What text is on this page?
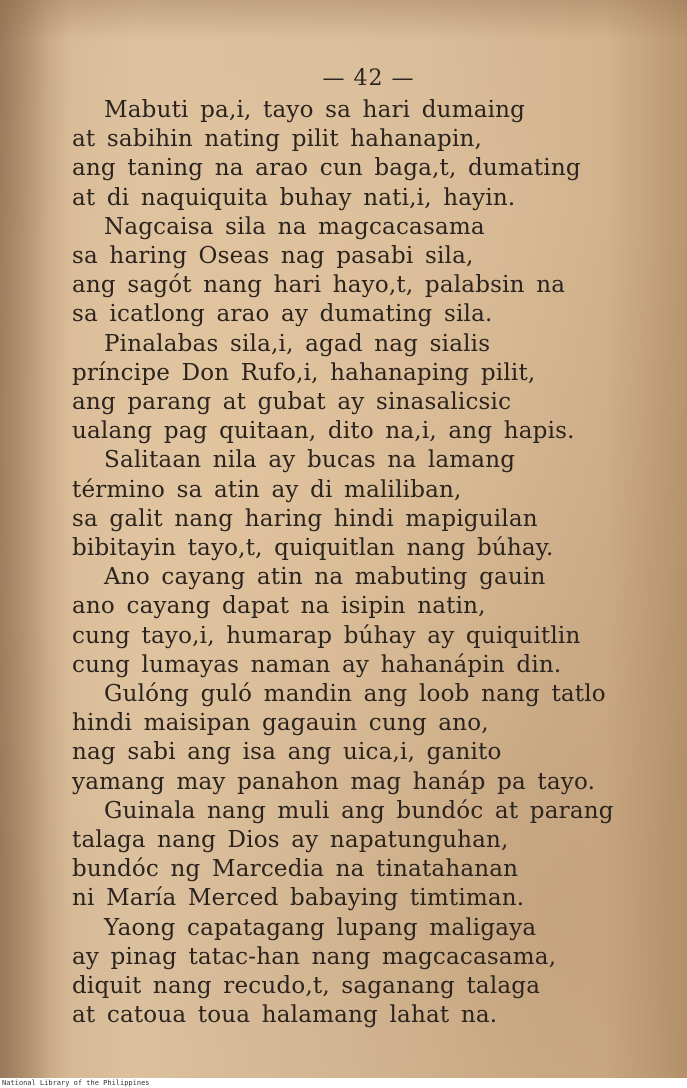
— 42 —
Mabuti pa,i, tayo sa hari dumaing
at sabihin nating pilit hahanapin,
ang taning na arao cun baga,t, dumating
at di naquiquita buhay nati,i, hayin.
Nagcaisa sila na magcacasama
sa haring Oseas nag pasabi sila,
ang sagót nang hari hayo,t, palabsin na
sa icatlong arao ay dumating sila.
Pinalabas sila,i, agad nag sialis
príncipe Don Rufo,i, hahanaping pilit,
ang parang at gubat ay sinasalicsic
ualang pag quitaan, dito na,i, ang hapis.
Salitaan nila ay bucas na lamang
término sa atin ay di maliliban,
sa galit nang haring hindi mapiguilan
bibitayin tayo,t, quiquitlan nang búhay.
Ano cayang atin na mabuting gauin
ano cayang dapat na isipin natin,
cung tayo,i, humarap búhay ay quiquitlin
cung lumayas naman ay hahanápin din.
Gulóng guló mandin ang loob nang tatlo
hindi maisipan gagauin cung ano,
nag sabi ang isa ang uica,i, ganito
yamang may panahon mag hanáp pa tayo.
Guinala nang muli ang bundóc at parang
talaga nang Dios ay napatunguhan,
bundóc ng Marcedia na tinatahanan
ni María Merced babaying timtiman.
Yaong capatagang lupang maligaya
ay pinag tatac-han nang magcacasama,
diquit nang recudo,t, saganang talaga
at catoua toua halamang lahat na.
National Library of the Philippines
